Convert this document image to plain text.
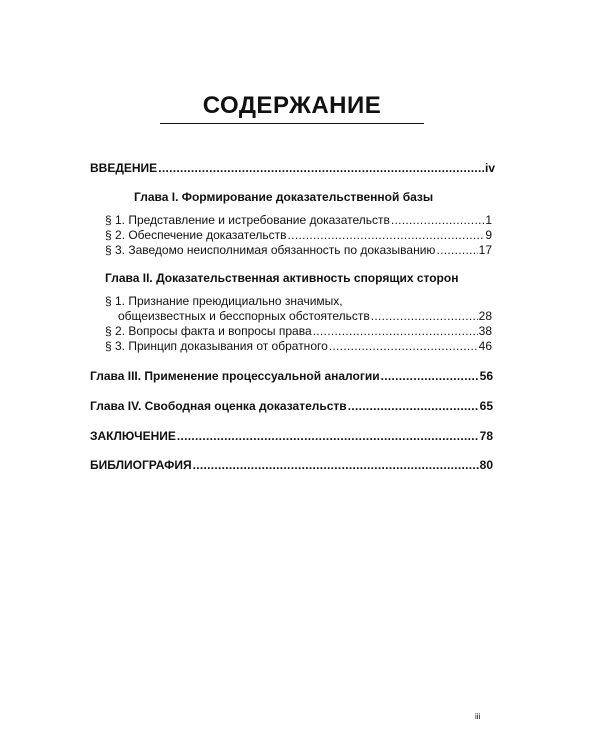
СОДЕРЖАНИЕ
ВВЕДЕНИЕ .....	iv
Глава I. Формирование доказательственной базы
§ 1. Представление и истребование доказательств .....	1
§ 2. Обеспечение доказательств .....	9
§ 3. Заведомо неисполнимая обязанность по доказыванию .....	17
Глава II. Доказательственная активность спорящих сторон
§ 1. Признание преюдициально значимых,
общеизвестных и бесспорных обстоятельств .....	28
§ 2. Вопросы факта и вопросы права .....	38
§ 3. Принцип доказывания от обратного .....	46
Глава III. Применение процессуальной аналогии .....	56
Глава IV. Свободная оценка доказательств .....	65
ЗАКЛЮЧЕНИЕ .....	78
БИБЛИОГРАФИЯ .....	80
iii
